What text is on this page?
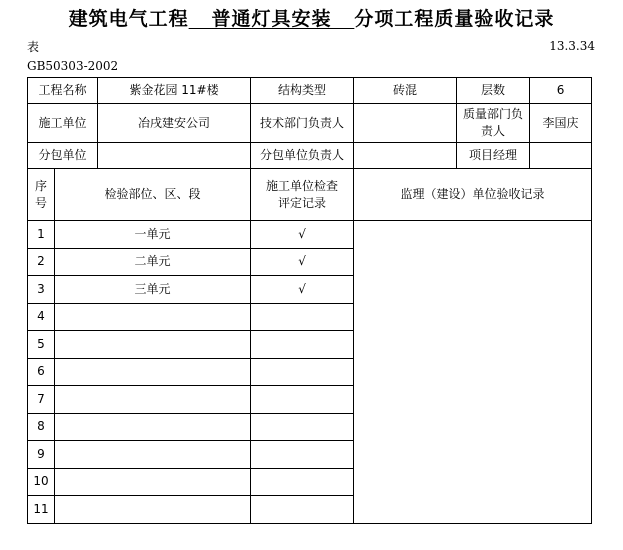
建筑电气工程 普通灯具安装 分项工程质量验收记录
表
GB50303-2002
13.3.34
工程名称 紫金花园 11#楼		结构类型	砖混	层数	6

施工单位 冶戌建安公司		技术部门负责人		质量部门负责人	李国庆

分包单位		分包单位负责人		项目经理	
序号	检验部位、区、段	施工单位检查评定记录	监理（建设）单位验收记录		
1	一单元	√			
2	二单元	√			
3	三单元	√			
4					
5					
6					
7					
8					
9					
10					
11					
